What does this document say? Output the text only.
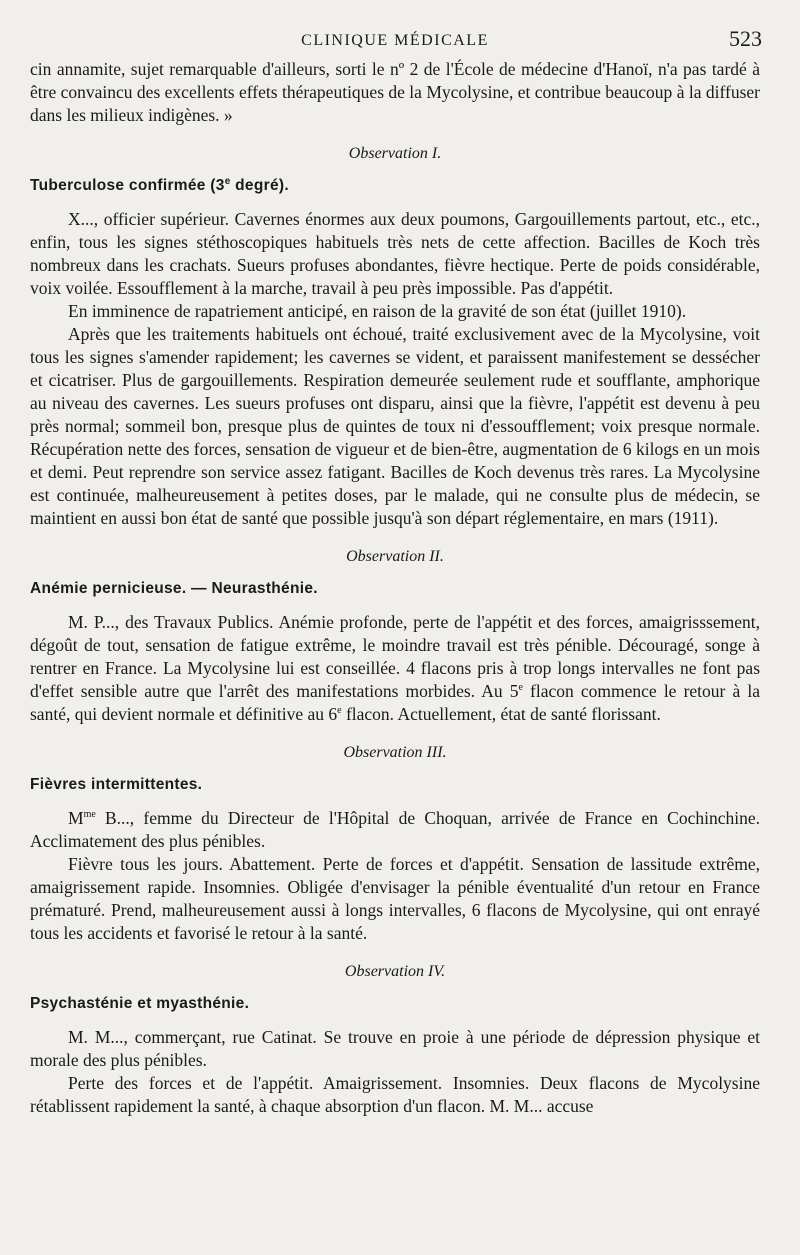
CLINIQUE MÉDICALE	523

cin annamite, sujet remarquable d'ailleurs, sorti le nº 2 de l'École de médecine d'Hanoï, n'a pas tardé à être convaincu des excellents effets thérapeutiques de la Mycolysine, et contribue beaucoup à la diffuser dans les milieux indigènes. »

Observation I.
Tuberculose confirmée (3e degré).

X..., officier supérieur. Cavernes énormes aux deux poumons, Gargouillements partout, etc., etc., enfin, tous les signes stéthoscopiques habituels très nets de cette affection. Bacilles de Koch très nombreux dans les crachats. Sueurs profuses abondantes, fièvre hectique. Perte de poids considérable, voix voilée. Essoufflement à la marche, travail à peu près impossible. Pas d'appétit.

En imminence de rapatriement anticipé, en raison de la gravité de son état (juillet 1910).

Après que les traitements habituels ont échoué, traité exclusivement avec de la Mycolysine, voit tous les signes s'amender rapidement; les cavernes se vident, et paraissent manifestement se dessécher et cicatriser. Plus de gargouillements. Respiration demeurée seulement rude et soufflante, amphorique au niveau des cavernes. Les sueurs profuses ont disparu, ainsi que la fièvre, l'appétit est devenu à peu près normal; sommeil bon, presque plus de quintes de toux ni d'essoufflement; voix presque normale. Récupération nette des forces, sensation de vigueur et de bien-être, augmentation de 6 kilogs en un mois et demi. Peut reprendre son service assez fatigant. Bacilles de Koch devenus très rares. La Mycolysine est continuée, malheureusement à petites doses, par le malade, qui ne consulte plus de médecin, se maintient en aussi bon état de santé que possible jusqu'à son départ réglementaire, en mars (1911).

Observation II.
Anémie pernicieuse. — Neurasthénie.

M. P..., des Travaux Publics. Anémie profonde, perte de l'appétit et des forces, amaigrisssement, dégoût de tout, sensation de fatigue extrême, le moindre travail est très pénible. Découragé, songe à rentrer en France. La Mycolysine lui est conseillée. 4 flacons pris à trop longs intervalles ne font pas d'effet sensible autre que l'arrêt des manifestations morbides. Au 5e flacon commence le retour à la santé, qui devient normale et définitive au 6e flacon. Actuellement, état de santé florissant.

Observation III.
Fièvres intermittentes.

$M^{me}$ B..., femme du Directeur de l'Hôpital de Choquan, arrivée de France en Cochinchine. Acclimatement des plus pénibles.

Fièvre tous les jours. Abattement. Perte de forces et d'appétit. Sensation de lassitude extrême, amaigrissement rapide. Insomnies. Obligée d'envisager la pénible éventualité d'un retour en France prématuré. Prend, malheureusement aussi à longs intervalles, 6 flacons de Mycolysine, qui ont enrayé tous les accidents et favorisé le retour à la santé.

Observation IV.
Psychasténie et myasthénie.

M. M..., commerçant, rue Catinat. Se trouve en proie à une période de dépression physique et morale des plus pénibles.

Perte des forces et de l'appétit. Amaigrissement. Insomnies. Deux flacons de Mycolysine rétablissent rapidement la santé, à chaque absorption d'un flacon. M. M... accuse
